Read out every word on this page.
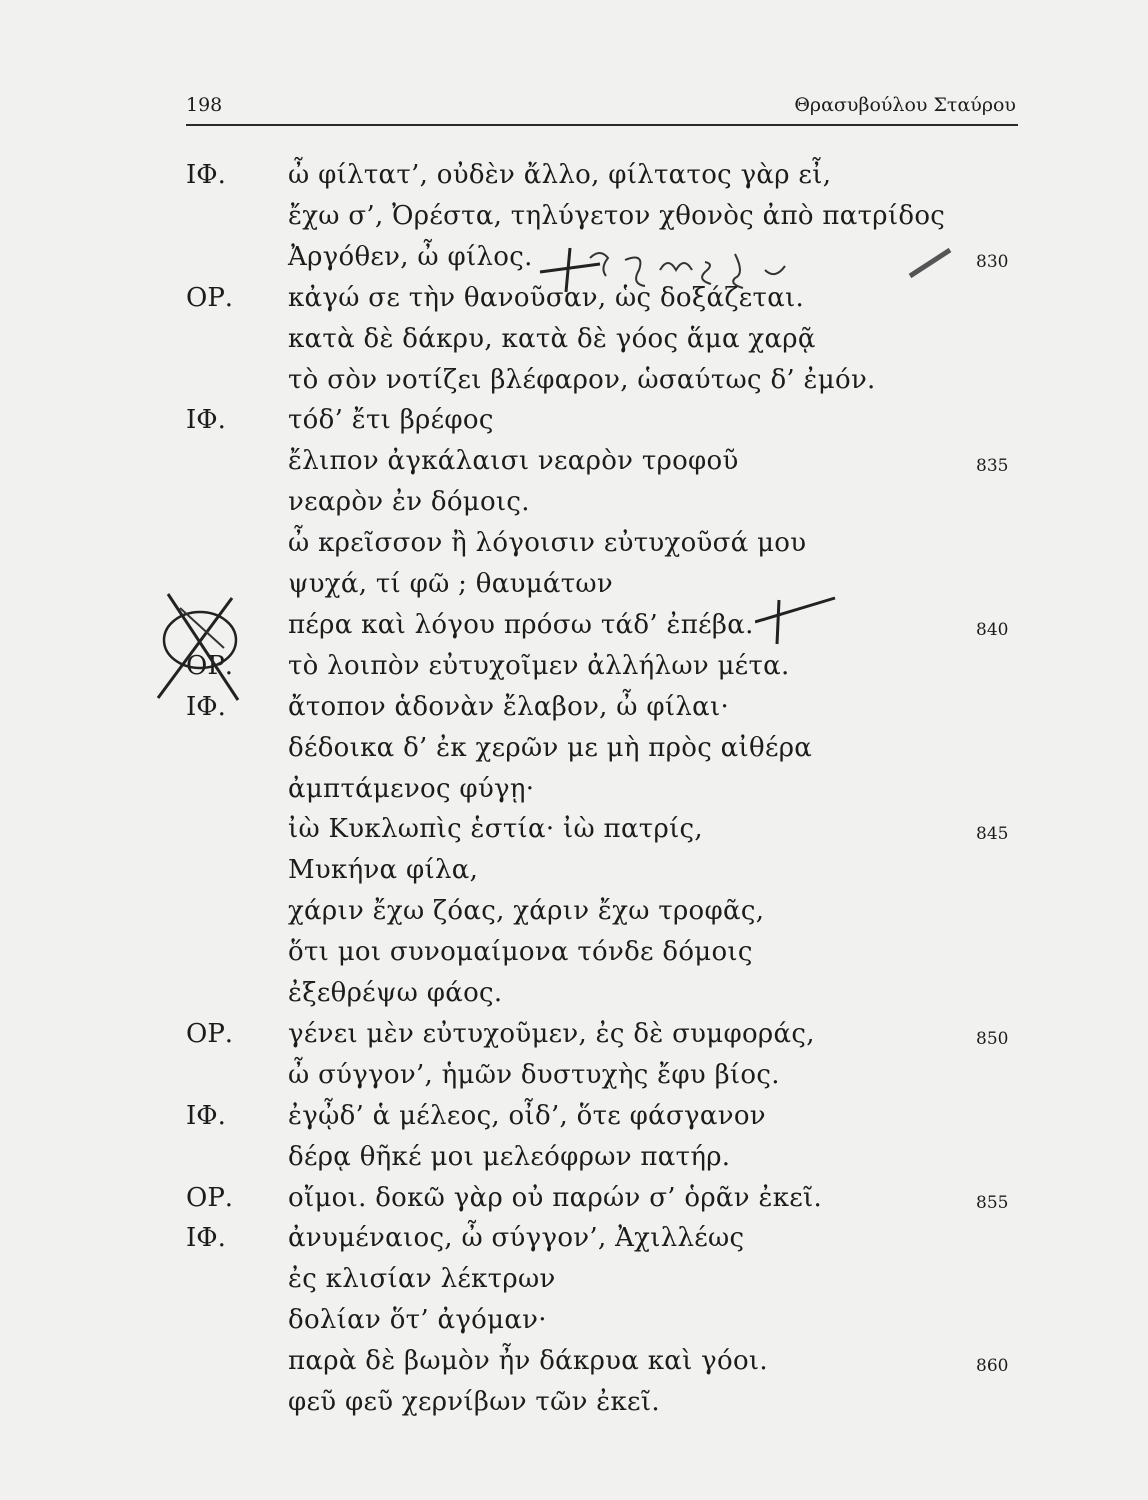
198	Θρασυβούλου Σταύρου
ΙΦ. ὦ φίλτατ’, οὐδὲν ἄλλο, φίλτατος γὰρ εἶ,
ἔχω σ’, Ὀρέστα, τηλύγετον χθονὸς ἀπὸ πατρίδος
Ἀργόθεν, ὦ φίλος.	830
ΟΡ. κἀγώ σε τὴν θανοῦσαν, ὡς δοξάζεται.
κατὰ δὲ δάκρυ, κατὰ δὲ γόος ἅμα χαρᾷ
τὸ σὸν νοτίζει βλέφαρον, ὡσαύτως δ’ ἐμόν.
ΙΦ. τόδ’ ἔτι βρέφος
ἔλιπον ἀγκάλαισι νεαρὸν τροφοῦ	835
νεαρὸν ἐν δόμοις.
ὦ κρεῖσσον ἢ λόγοισιν εὐτυχοῦσά μου
ψυχά, τί φῶ ; θαυμάτων
πέρα καὶ λόγου πρόσω τάδ’ ἐπέβα.	840
ΟΡ. τὸ λοιπὸν εὐτυχοῖμεν ἀλλήλων μέτα.
ΙΦ. ἄτοπον ἁδονὰν ἔλαβον, ὦ φίλαι·
δέδοικα δ’ ἐκ χερῶν με μὴ πρὸς αἰθέρα
ἀμπτάμενος φύγῃ·
ἰὼ Κυκλωπὶς ἑστία· ἰὼ πατρίς,	845
Μυκήνα φίλα,
χάριν ἔχω ζόας, χάριν ἔχω τροφᾶς,
ὅτι μοι συνομαίμονα τόνδε δόμοις
ἐξεθρέψω φάος.
ΟΡ. γένει μὲν εὐτυχοῦμεν, ἐς δὲ συμφοράς,	850
ὦ σύγγον’, ἡμῶν δυστυχὴς ἔφυ βίος.
ΙΦ. ἐγᾦδ’ ἁ μέλεος, οἶδ’, ὅτε φάσγανον
δέρᾳ θῆκέ μοι μελεόφρων πατήρ.
ΟΡ. οἴμοι. δοκῶ γὰρ οὐ παρών σ’ ὁρᾶν ἐκεῖ.	855
ΙΦ. ἀνυμέναιος, ὦ σύγγον’, Ἀχιλλέως
ἐς κλισίαν λέκτρων
δολίαν ὅτ’ ἀγόμαν·
παρὰ δὲ βωμὸν ἦν δάκρυα καὶ γόοι.	860
φεῦ φεῦ χερνίβων τῶν ἐκεῖ.
